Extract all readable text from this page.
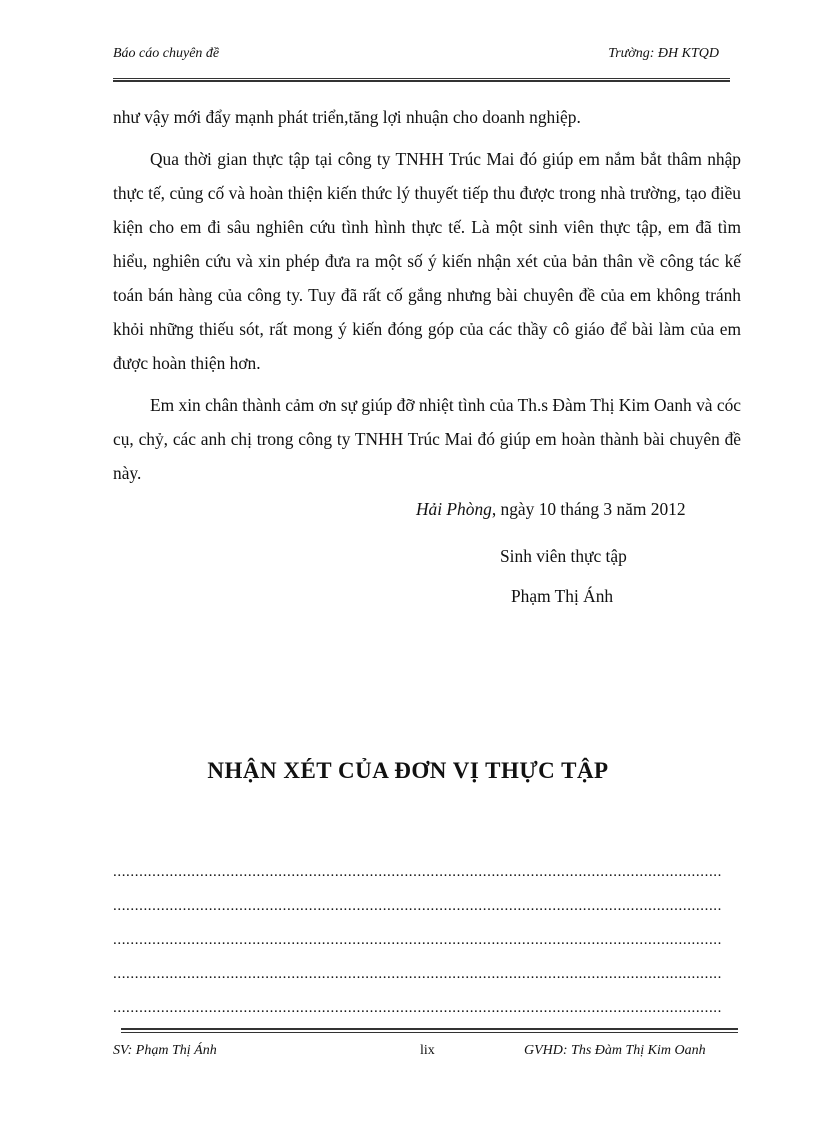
Báo cáo chuyên đề	Trường: ĐH KTQD

như vậy mới đẩy mạnh phát triển,tăng lợi nhuận cho doanh nghiệp.

Qua thời gian thực tập tại công ty TNHH Trúc Mai đó giúp em nắm bắt thâm nhập thực tế, củng cố và hoàn thiện kiến thức lý thuyết tiếp thu được trong nhà trường, tạo điều kiện cho em đi sâu nghiên cứu tình hình thực tế. Là một sinh viên thực tập, em đã tìm hiểu, nghiên cứu và xin phép đưa ra một số ý kiến nhận xét của bản thân về công tác kế toán bán hàng của công ty. Tuy đã rất cố gắng nhưng bài chuyên đề của em không tránh khỏi những thiếu sót, rất mong ý kiến đóng góp của các thầy cô giáo để bài làm của em được hoàn thiện hơn.

Em xin chân thành cảm ơn sự giúp đỡ nhiệt tình của Th.s Đàm Thị Kim Oanh và cóc cụ, chỷ, các anh chị trong công ty TNHH Trúc Mai đó giúp em hoàn thành bài chuyên đề này.

Hải Phòng, ngày 10 tháng 3 năm 2012
Sinh viên thực tập
Phạm Thị Ánh
NHẬN XÉT CỦA ĐƠN VỊ THỰC TẬP
............................................................................................................................................
............................................................................................................................................
............................................................................................................................................
............................................................................................................................................
............................................................................................................................................
SV: Phạm Thị Ánh	lix	GVHD: Ths Đàm Thị Kim Oanh
